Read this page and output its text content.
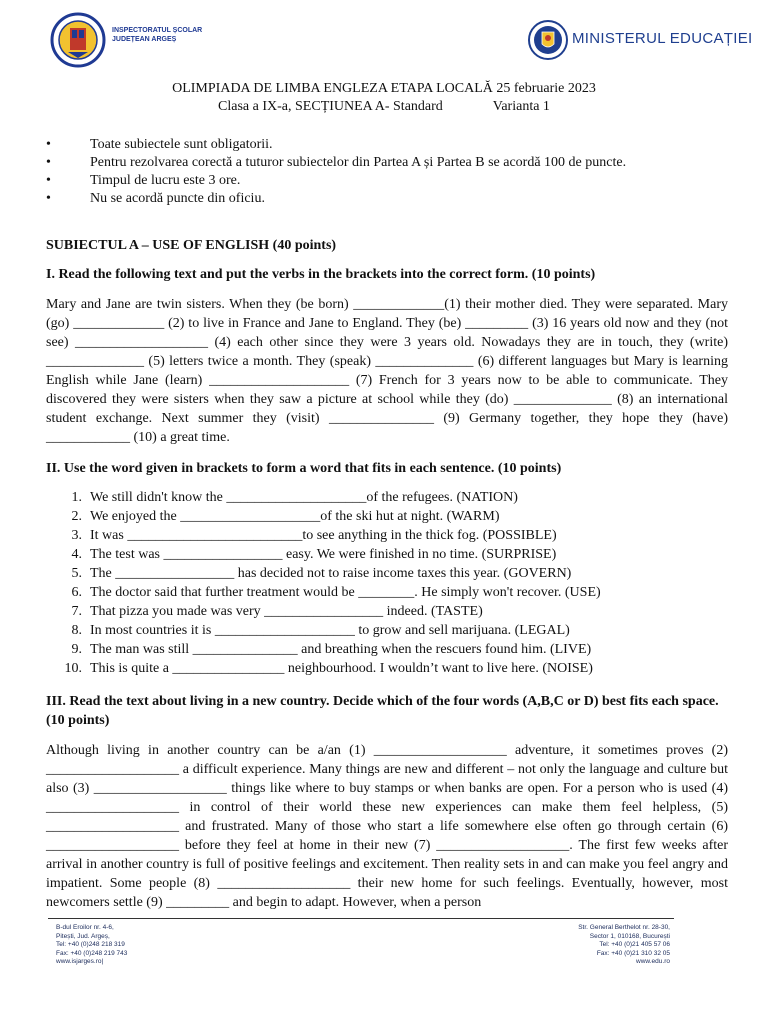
INSPECTORATUL ȘCOLAR
JUDEȚEAN ARGEȘ	MINISTERUL EDUCAȚIEI
OLIMPIADA DE LIMBA ENGLEZA ETAPA LOCALĂ 25 februarie 2023
Clasa a IX-a, SECȚIUNEA A- Standard	Varianta 1
•	Toate subiectele sunt obligatorii.
•	Pentru rezolvarea corectă a tuturor subiectelor din Partea A și Partea B se acordă 100 de puncte.
•	Timpul de lucru este 3 ore.
•	Nu se acordă puncte din oficiu.
SUBIECTUL A – USE OF ENGLISH (40 points)
I. Read the following text and put the verbs in the brackets into the correct form. (10 points)
Mary and Jane are twin sisters. When they (be born) _____________(1) their mother died. They were separated. Mary (go) _____________ (2) to live in France and Jane to England. They (be) _________ (3) 16 years old now and they (not see) ___________________ (4) each other since they were 3 years old. Nowadays they are in touch, they (write) ______________ (5) letters twice a month. They (speak) ______________ (6) different languages but Mary is learning English while Jane (learn) ____________________ (7) French for 3 years now to be able to communicate. They discovered they were sisters when they saw a picture at school while they (do) ______________ (8) an international student exchange. Next summer they (visit) _______________ (9) Germany together, they hope they (have) ____________ (10) a great time.
II. Use the word given in brackets to form a word that fits in each sentence. (10 points)
1. We still didn't know the ____________________of the refugees. (NATION)
2. We enjoyed the ____________________of the ski hut at night. (WARM)
3. It was _________________________to see anything in the thick fog. (POSSIBLE)
4. The test was _________________ easy. We were finished in no time. (SURPRISE)
5. The _________________ has decided not to raise income taxes this year. (GOVERN)
6. The doctor said that further treatment would be ________. He simply won't recover. (USE)
7. That pizza you made was very _________________ indeed. (TASTE)
8. In most countries it is ____________________ to grow and sell marijuana. (LEGAL)
9. The man was still _______________ and breathing when the rescuers found him. (LIVE)
10. This is quite a ________________ neighbourhood. I wouldn’t want to live here. (NOISE)
III. Read the text about living in a new country. Decide which of the four words (A,B,C or D) best fits each space. (10 points)
Although living in another country can be a/an (1) ___________________ adventure, it sometimes proves (2) ___________________ a difficult experience. Many things are new and different – not only the language and culture but also (3) ___________________ things like where to buy stamps or when banks are open. For a person who is used (4) ___________________ in control of their world these new experiences can make them feel helpless, (5) ___________________ and frustrated. Many of those who start a life somewhere else often go through certain (6) ___________________ before they feel at home in their new (7) ___________________. The first few weeks after arrival in another country is full of positive feelings and excitement. Then reality sets in and can make you feel angry and impatient. Some people (8) ___________________ their new home for such feelings. Eventually, however, most newcomers settle (9) _________ and begin to adapt. However, when a person
B-dul Eroilor nr. 4-6,
Pitești, Jud. Argeș,
Tel: +40 (0)248 218 319
Fax: +40 (0)248 219 743
www.isjarges.ro|
Str. General Berthelot nr. 28-30,
Sector 1, 010168, București
Tel: +40 (0)21 405 57 06
Fax: +40 (0)21 310 32 05
www.edu.ro
